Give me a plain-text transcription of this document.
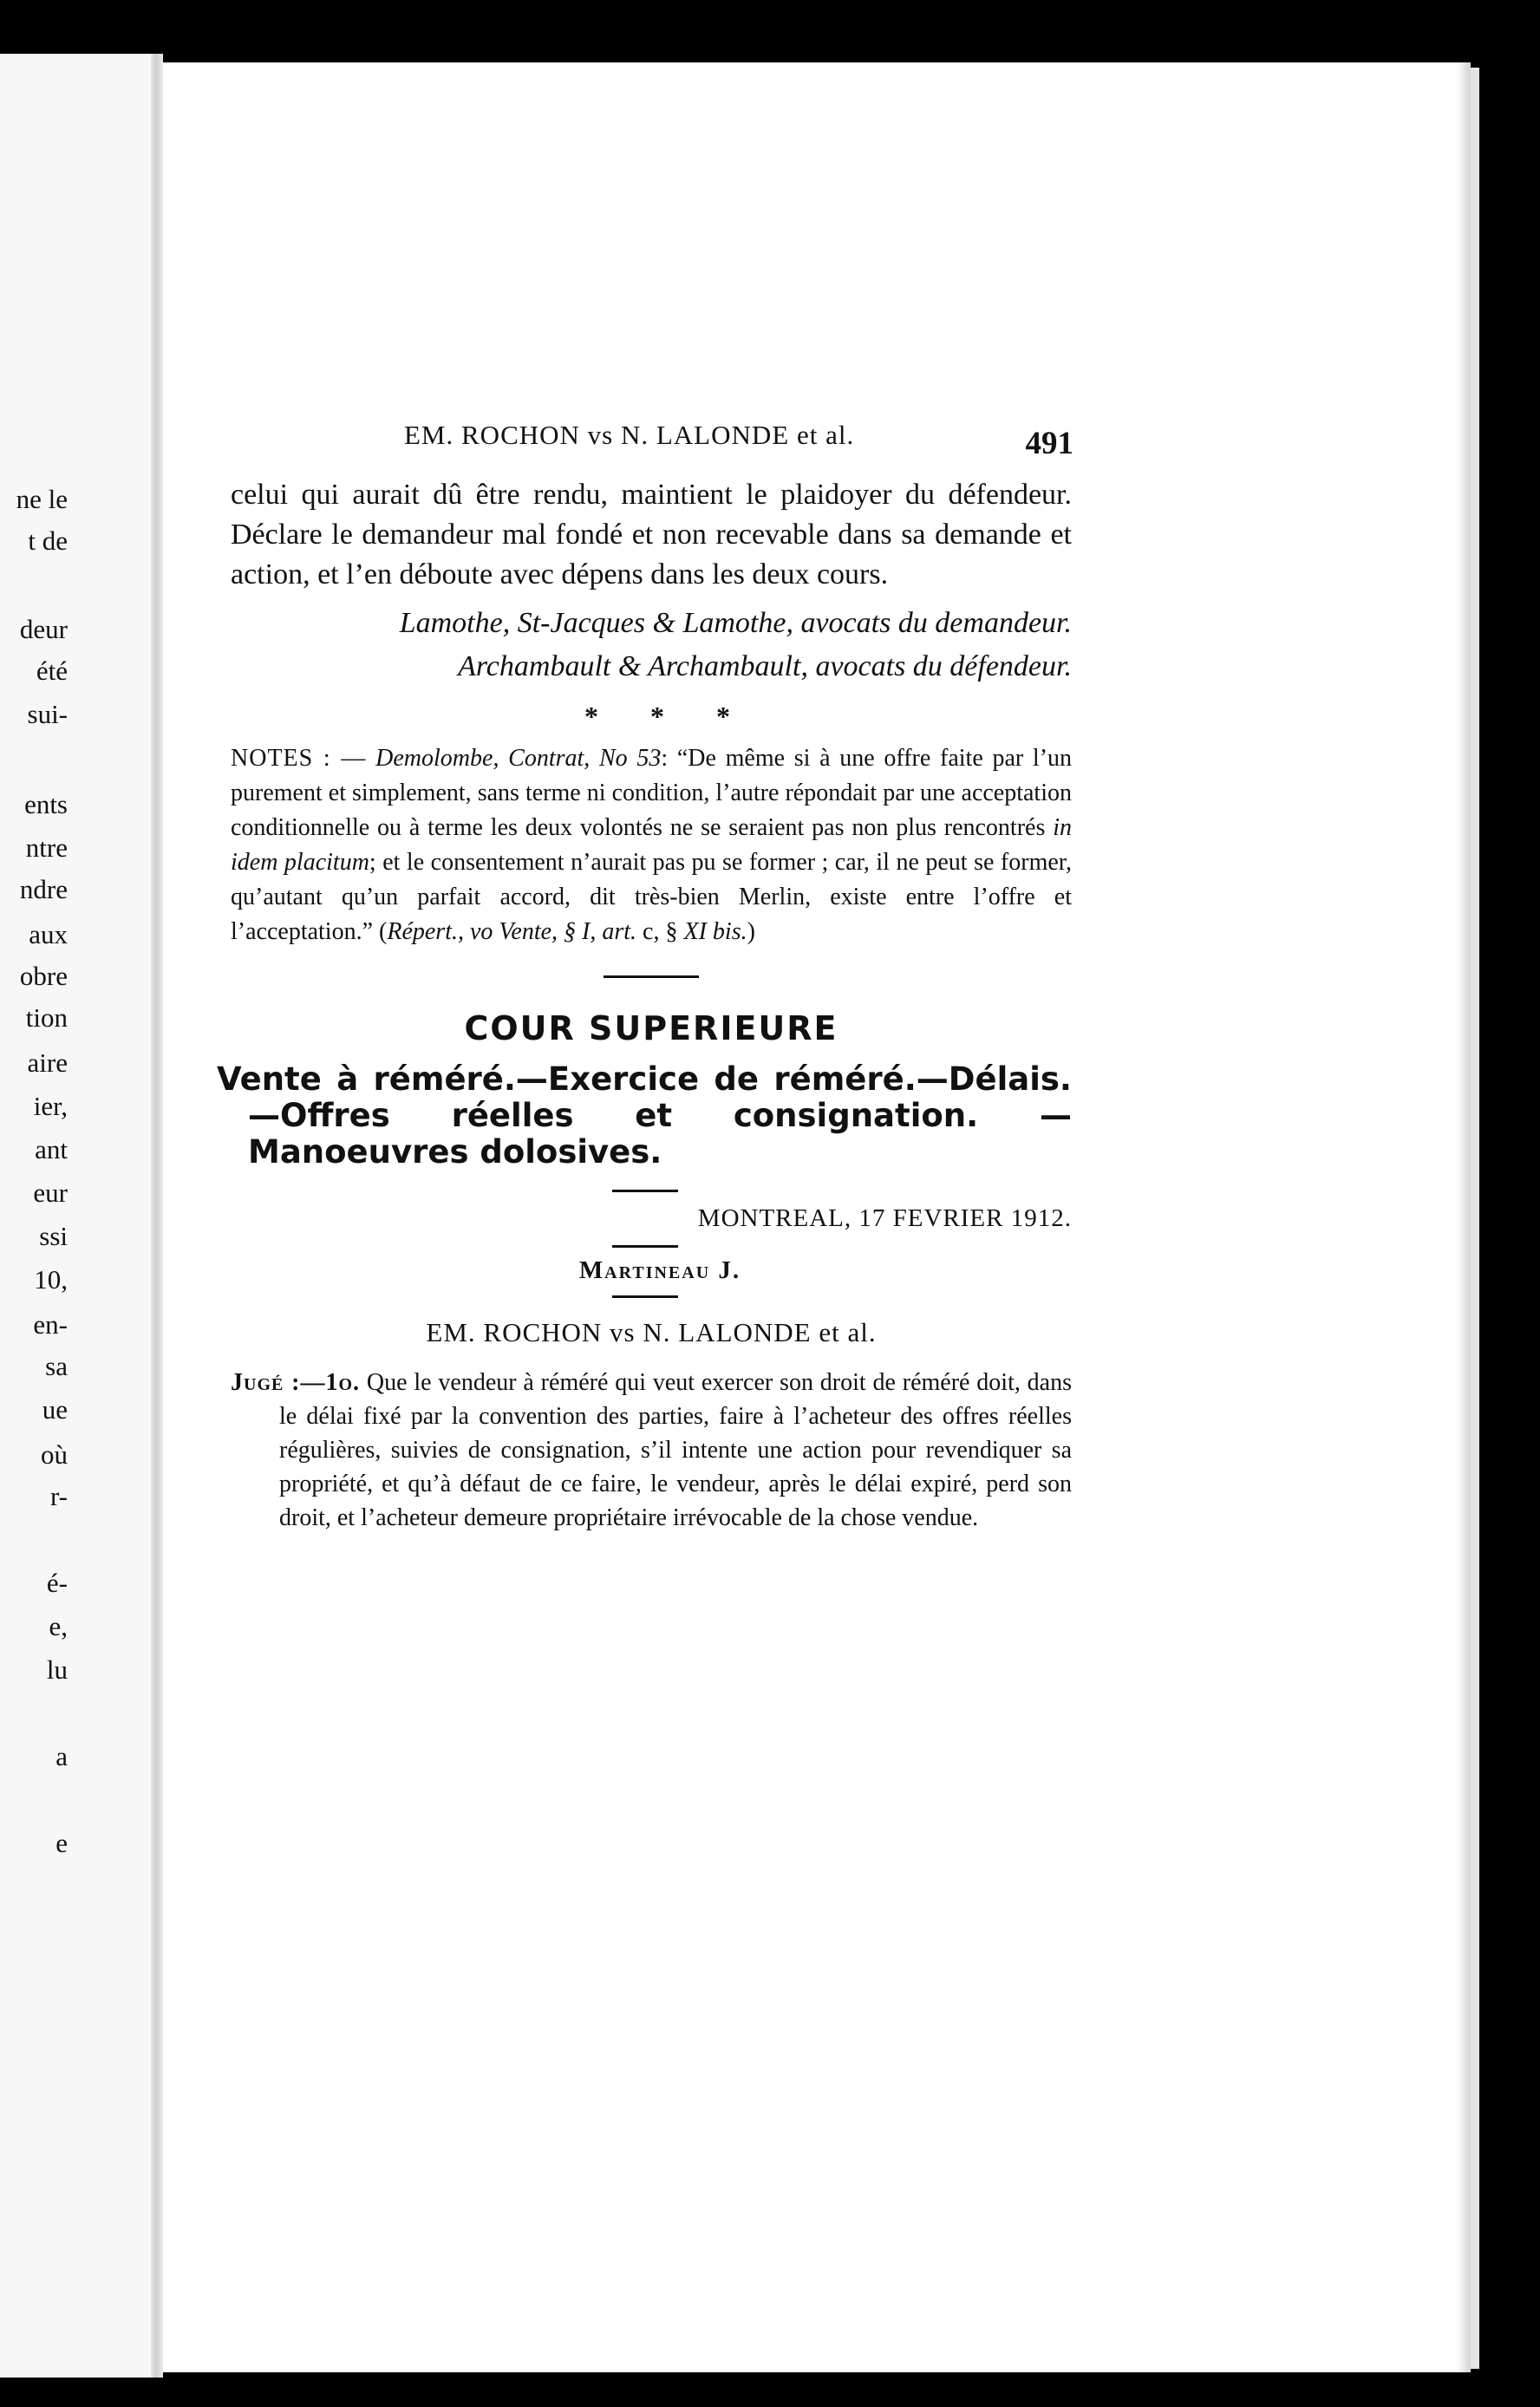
ne le
t de
deur
été
sui-
ents
ntre
ndre
aux
obre
tion
aire
ier,
ant
eur
ssi
10,
en-
sa
ue
où
r-
é-
e,
lu
a
e
EM. ROCHON vs N. LALONDE et al.	491

celui qui aurait dû être rendu, maintient le plaidoyer du défendeur. Déclare le demandeur mal fondé et non recevable dans sa demande et action, et l’en déboute avec dépens dans les deux cours.

Lamothe, St-Jacques & Lamothe, avocats du demandeur.

Archambault & Archambault, avocats du défendeur.

* * *

NOTES : — Demolombe, Contrat, No 53: “De même si à une offre faite par l’un purement et simplement, sans terme ni condition, l’autre répondait par une acceptation conditionnelle ou à terme les deux volontés ne se seraient pas non plus rencontrés in idem placitum; et le consentement n’aurait pas pu se former ; car, il ne peut se former, qu’autant qu’un parfait accord, dit très-bien Merlin, existe entre l’offre et l’acceptation.” (Répert., vo Vente, § I, art. c, § XI bis.)

COUR SUPERIEURE

Vente à réméré.—Exercice de réméré.—Délais. —Offres réelles et consignation. — Manoeuvres dolosives.

MONTREAL, 17 FEVRIER 1912.
Martineau J.
EM. ROCHON vs N. LALONDE et al.

Jugé :—1o. Que le vendeur à réméré qui veut exercer son droit de réméré doit, dans le délai fixé par la convention des parties, faire à l’acheteur des offres réelles régulières, suivies de consignation, s’il intente une action pour revendiquer sa propriété, et qu’à défaut de ce faire, le vendeur, après le délai expiré, perd son droit, et l’acheteur demeure propriétaire irrévocable de la chose vendue.
